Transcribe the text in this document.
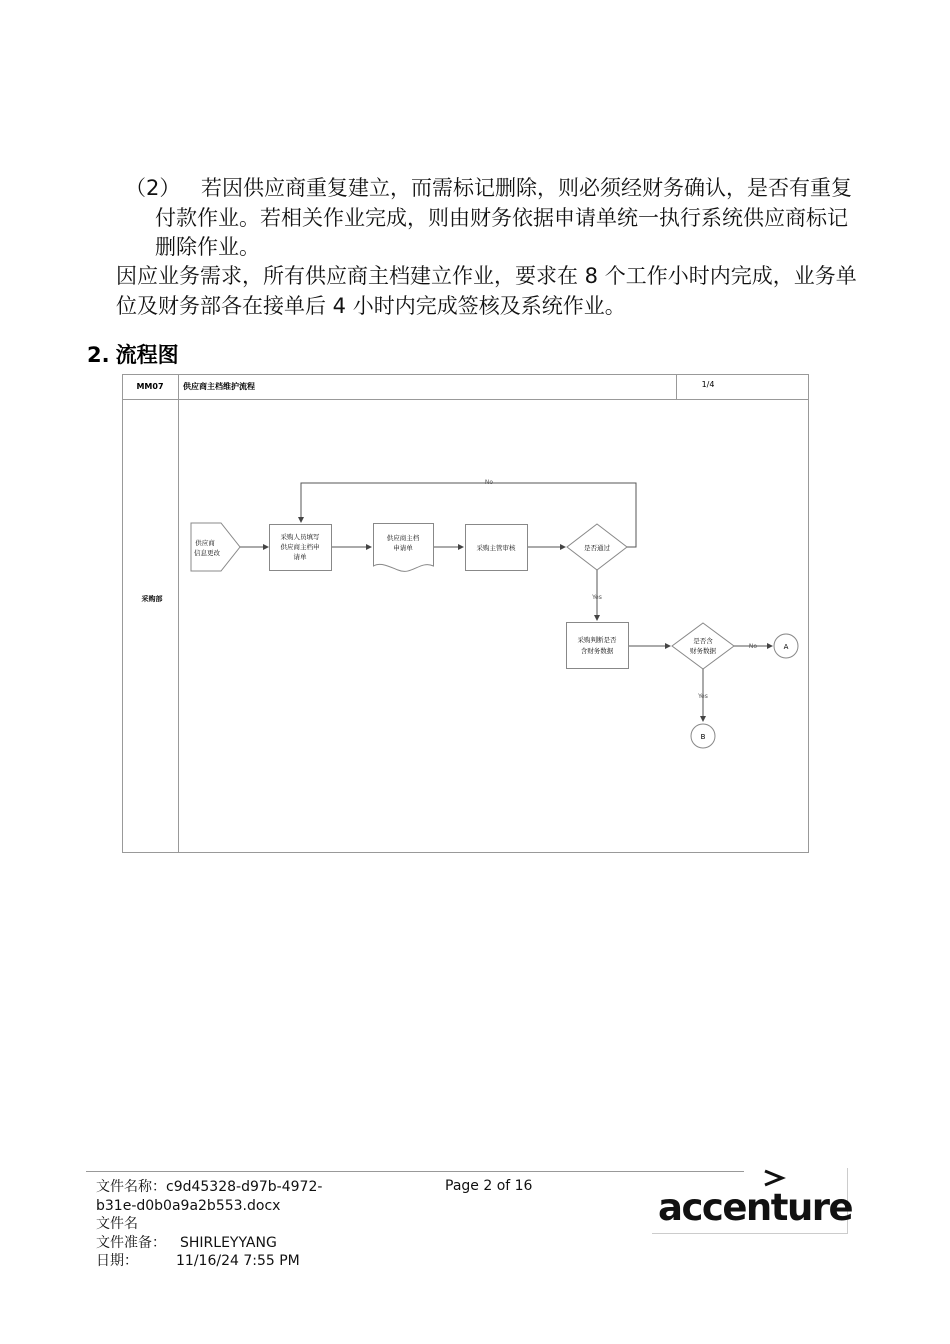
（2） 若因供应商重复建立，而需标记删除，则必须经财务确认，是否有重复付款作业。若相关作业完成，则由财务依据申请单统一执行系统供应商标记删除作业。

因应业务需求，所有供应商主档建立作业，要求在 8 个工作小时内完成，业务单位及财务部各在接单后 4 小时内完成签核及系统作业。

2. 流程图
MM07 供应商主档维护流程	1/4
采购部
供应商
信息更改
采购人员填写
供应商主档申
请单
供应商主档
申请单	采购主管审核	是否通过
No
Yes
采购判断是否
含财务数据
是否含
财务数据
No	A
Yes
B
文件名称：c9d45328-d97b-4972-
b31e-d0b0a9a2b553.docx
文件名
文件准备： SHIRLEYYANG
日期：	11/16/24 7:55 PM
Page 2 of 16	accenture
